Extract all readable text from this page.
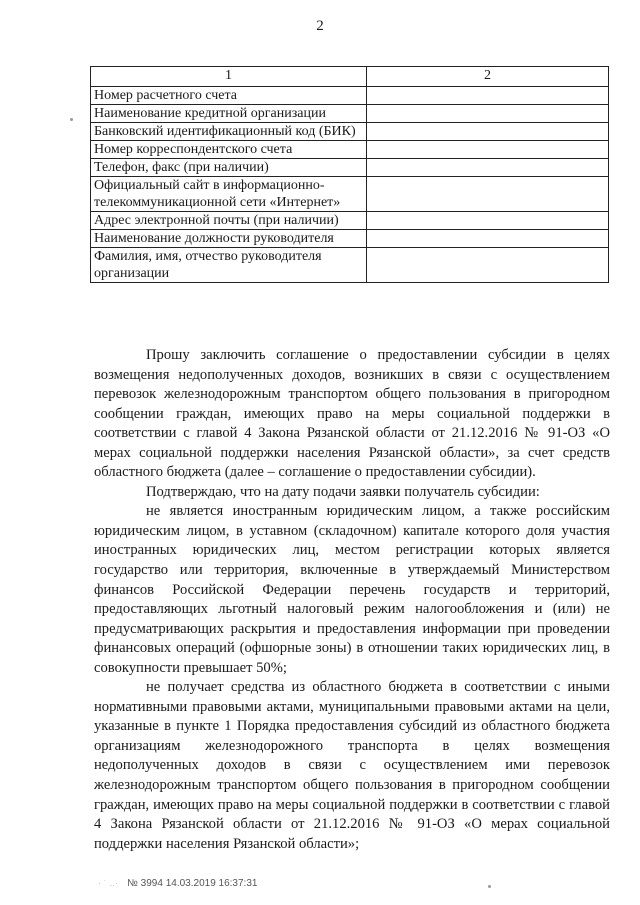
2
1	2
Номер расчетного счета	
Наименование кредитной организации	
Банковский идентификационный код (БИК)	
Номер корреспондентского счета	
Телефон, факс (при наличии)	
Официальный сайт в информационно-телекоммуникационной сети «Интернет»	
Адрес электронной почты (при наличии)	
Наименование должности руководителя	
Фамилия, имя, отчество руководителя организации	

Прошу заключить соглашение о предоставлении субсидии в целях возмещения недополученных доходов, возникших в связи с осуществлением перевозок железнодорожным транспортом общего пользования в пригородном сообщении граждан, имеющих право на меры социальной поддержки в соответствии с главой 4 Закона Рязанской области от 21.12.2016 № 91-ОЗ «О мерах социальной поддержки населения Рязанской области», за счет средств областного бюджета (далее – соглашение о предоставлении субсидии).

Подтверждаю, что на дату подачи заявки получатель субсидии:

не является иностранным юридическим лицом, а также российским юридическим лицом, в уставном (складочном) капитале которого доля участия иностранных юридических лиц, местом регистрации которых является государство или территория, включенные в утверждаемый Министерством финансов Российской Федерации перечень государств и территорий, предоставляющих льготный налоговый режим налогообложения и (или) не предусматривающих раскрытия и предоставления информации при проведении финансовых операций (офшорные зоны) в отношении таких юридических лиц, в совокупности превышает 50%;

не получает средства из областного бюджета в соответствии с иными нормативными правовыми актами, муниципальными правовыми актами на цели, указанные в пункте 1 Порядка предоставления субсидий из областного бюджета организациям железнодорожного транспорта в целях возмещения недополученных доходов в связи с осуществлением ими перевозок железнодорожным транспортом общего пользования в пригородном сообщении граждан, имеющих право на меры социальной поддержки в соответствии с главой 4 Закона Рязанской области от 21.12.2016 № 91-ОЗ «О мерах социальной поддержки населения Рязанской области»;

· ˙ ..· № 3994 14.03.2019 16:37:31
